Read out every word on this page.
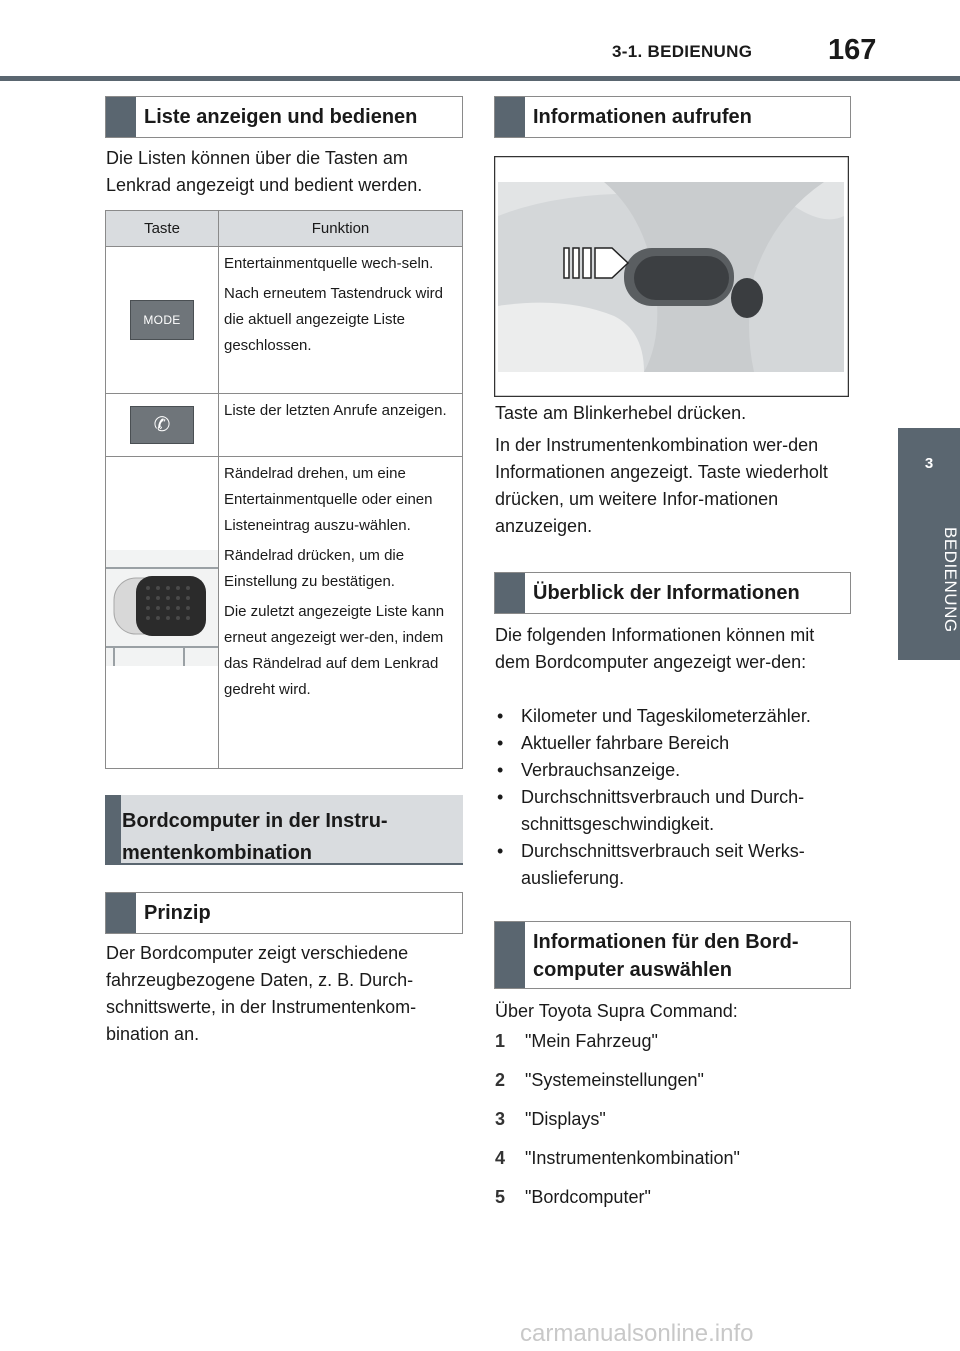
3-1. BEDIENUNG	167
3
BEDIENUNG
Liste anzeigen und bedienen
Die Listen können über die Tasten am Lenkrad angezeigt und bedient werden.
Taste	Funktion
MODE	Entertainmentquelle wech-seln.

Nach erneutem Tastendruck wird die aktuell angezeigte Liste geschlossen.

✆	Liste der letzten Anrufe anzeigen.

Rändelrad drehen, um eine Entertainmentquelle oder einen Listeneintrag auszu-wählen.

Rändelrad drücken, um die Einstellung zu bestätigen.

Die zuletzt angezeigte Liste kann erneut angezeigt wer-den, indem das Rändelrad auf dem Lenkrad gedreht wird.

Bordcomputer in der Instru-mentenkombination
Prinzip
Der Bordcomputer zeigt verschiedene fahrzeugbezogene Daten, z. B. Durch-schnittswerte, in der Instrumentenkom-bination an.
Informationen aufrufen
Taste am Blinkerhebel drücken.
In der Instrumentenkombination wer-den Informationen angezeigt. Taste wiederholt drücken, um weitere Infor-mationen anzuzeigen.
Überblick der Informationen
Die folgenden Informationen können mit dem Bordcomputer angezeigt wer-den:
• Kilometer und Tageskilometerzähler.
• Aktueller fahrbare Bereich
• Verbrauchsanzeige.
• Durchschnittsverbrauch und Durch-schnittsgeschwindigkeit.
• Durchschnittsverbrauch seit Werks-auslieferung.
Informationen für den Bord-computer auswählen
Über Toyota Supra Command:
1 "Mein Fahrzeug"
2 "Systemeinstellungen"
3 "Displays"
4 "Instrumentenkombination"
5 "Bordcomputer"
carmanualsonline.info
